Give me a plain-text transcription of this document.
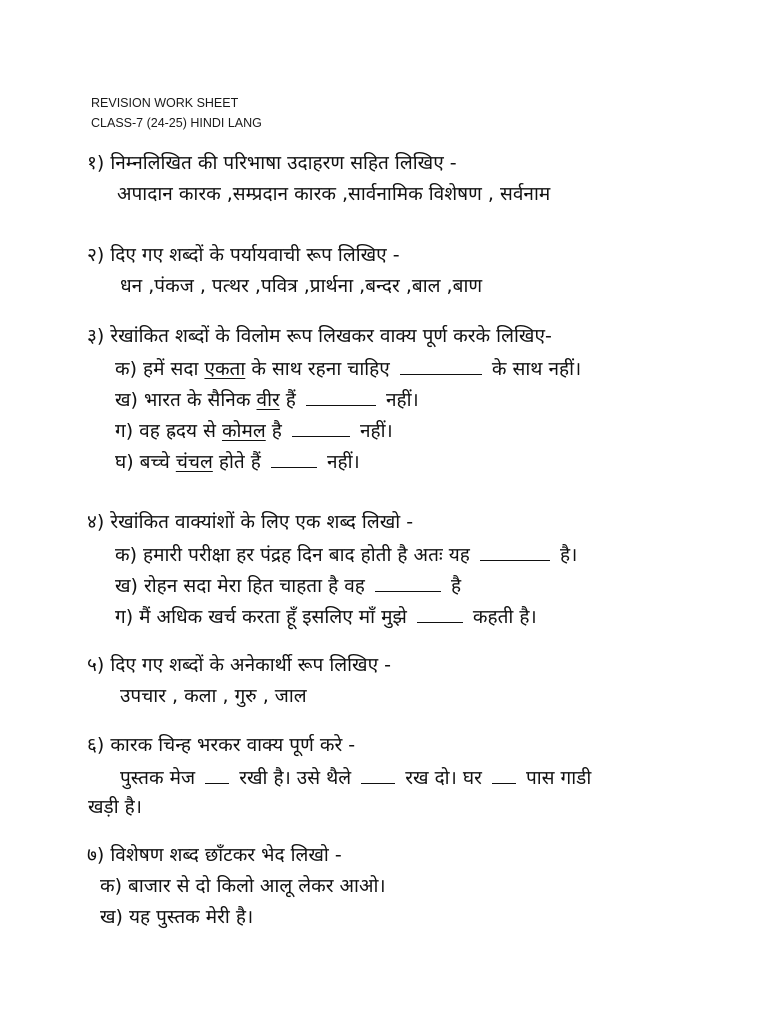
REVISION WORK SHEET
CLASS-7 (24-25) HINDI LANG
१) निम्नलिखित की परिभाषा उदाहरण सहित लिखिए -
अपादान कारक ,सम्प्रदान कारक ,सार्वनामिक विशेषण , सर्वनाम
२) दिए गए शब्दों के पर्यायवाची रूप लिखिए -
धन ,पंकज , पत्थर ,पवित्र ,प्रार्थना ,बन्दर ,बाल ,बाण
३) रेखांकित शब्दों के विलोम रूप लिखकर वाक्य पूर्ण करके लिखिए-
क) हमें सदा एकता के साथ रहना चाहिए	के साथ नहीं।
ख) भारत के सैनिक वीर हैं	नहीं।
ग) वह ह्रदय से कोमल है	नहीं।
घ) बच्चे चंचल होते हैं	नहीं।
४) रेखांकित वाक्यांशों के लिए एक शब्द लिखो -
क) हमारी परीक्षा हर पंद्रह दिन बाद होती है अतः यह	है।
ख) रोहन सदा मेरा हित चाहता है वह	है
ग) मैं अधिक खर्च करता हूँ इसलिए माँ मुझे	कहती है।
५) दिए गए शब्दों के अनेकार्थी रूप लिखिए -
उपचार , कला , गुरु , जाल
६) कारक चिन्ह भरकर वाक्य पूर्ण करे -
पुस्तक मेज रखी है। उसे थैले	रख दो। घर पास गाडी
खड़ी है।
७) विशेषण शब्द छाँटकर भेद लिखो -
क) बाजार से दो किलो आलू लेकर आओ।
ख) यह पुस्तक मेरी है।
